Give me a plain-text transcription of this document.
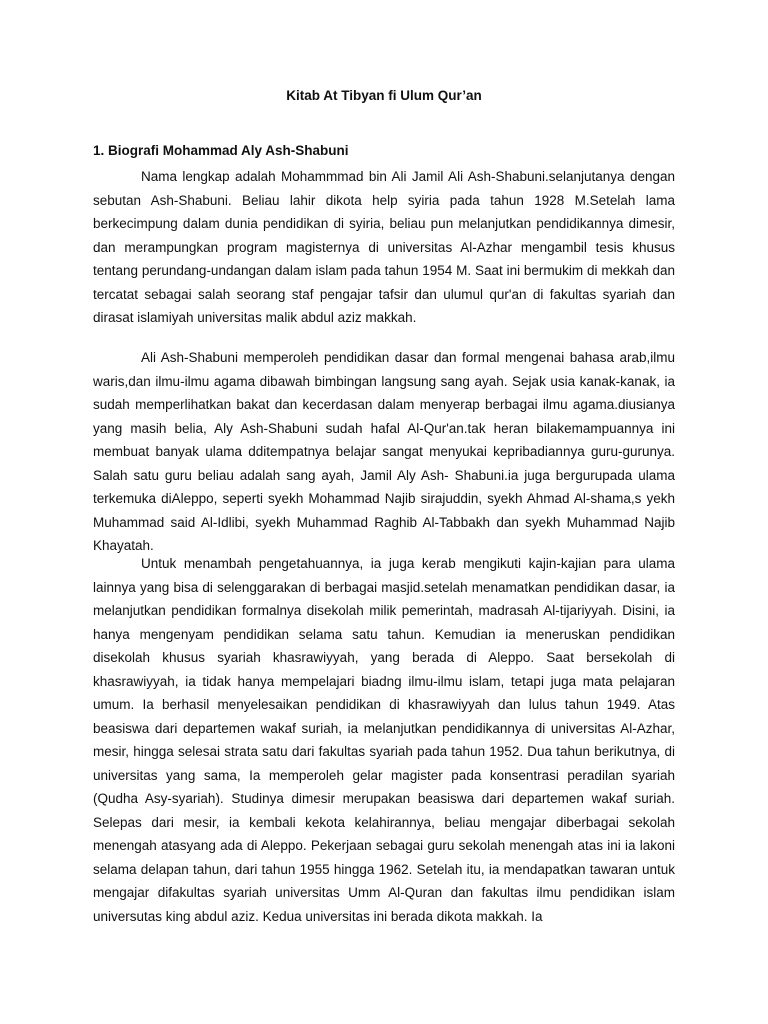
Kitab At Tibyan fi Ulum Qur’an
1. Biografi Mohammad Aly Ash-Shabuni

Nama lengkap adalah Mohammmad bin Ali Jamil Ali Ash-Shabuni.selanjutanya dengan sebutan Ash-Shabuni. Beliau lahir dikota help syiria pada tahun 1928 M.Setelah lama berkecimpung dalam dunia pendidikan di syiria, beliau pun melanjutkan pendidikannya dimesir, dan merampungkan program magisternya di universitas Al-Azhar mengambil tesis khusus tentang perundang-undangan dalam islam pada tahun 1954 M. Saat ini bermukim di mekkah dan tercatat sebagai salah seorang staf pengajar tafsir dan ulumul qur'an di fakultas syariah dan dirasat islamiyah universitas malik abdul aziz makkah.

Ali Ash-Shabuni memperoleh pendidikan dasar dan formal mengenai bahasa arab,ilmu waris,dan ilmu-ilmu agama dibawah bimbingan langsung sang ayah. Sejak usia kanak-kanak, ia sudah memperlihatkan bakat dan kecerdasan dalam menyerap berbagai ilmu agama.diusianya yang masih belia, Aly Ash-Shabuni sudah hafal Al-Qur'an.tak heran bilakemampuannya ini membuat banyak ulama dditempatnya belajar sangat menyukai kepribadiannya guru-gurunya. Salah satu guru beliau adalah sang ayah, Jamil Aly Ash- Shabuni.ia juga bergurupada ulama terkemuka diAleppo, seperti syekh Mohammad Najib sirajuddin, syekh Ahmad Al-shama,s yekh Muhammad said Al-Idlibi, syekh Muhammad Raghib Al-Tabbakh dan syekh Muhammad Najib Khayatah.

Untuk menambah pengetahuannya, ia juga kerab mengikuti kajin-kajian para ulama lainnya yang bisa di selenggarakan di berbagai masjid.setelah menamatkan pendidikan dasar, ia melanjutkan pendidikan formalnya disekolah milik pemerintah, madrasah Al-tijariyyah. Disini, ia hanya mengenyam pendidikan selama satu tahun. Kemudian ia meneruskan pendidikan disekolah khusus syariah khasrawiyyah, yang berada di Aleppo. Saat bersekolah di khasrawiyyah, ia tidak hanya mempelajari biadng ilmu-ilmu islam, tetapi juga mata pelajaran umum. Ia berhasil menyelesaikan pendidikan di khasrawiyyah dan lulus tahun 1949. Atas beasiswa dari departemen wakaf suriah, ia melanjutkan pendidikannya di universitas Al-Azhar, mesir, hingga selesai strata satu dari fakultas syariah pada tahun 1952. Dua tahun berikutnya, di universitas yang sama, Ia memperoleh gelar magister pada konsentrasi peradilan syariah (Qudha Asy-syariah). Studinya dimesir merupakan beasiswa dari departemen wakaf suriah. Selepas dari mesir, ia kembali kekota kelahirannya, beliau mengajar diberbagai sekolah menengah atasyang ada di Aleppo. Pekerjaan sebagai guru sekolah menengah atas ini ia lakoni selama delapan tahun, dari tahun 1955 hingga 1962. Setelah itu, ia mendapatkan tawaran untuk mengajar difakultas syariah universitas Umm Al-Quran dan fakultas ilmu pendidikan islam universutas king abdul aziz. Kedua universitas ini berada dikota makkah. Ia
